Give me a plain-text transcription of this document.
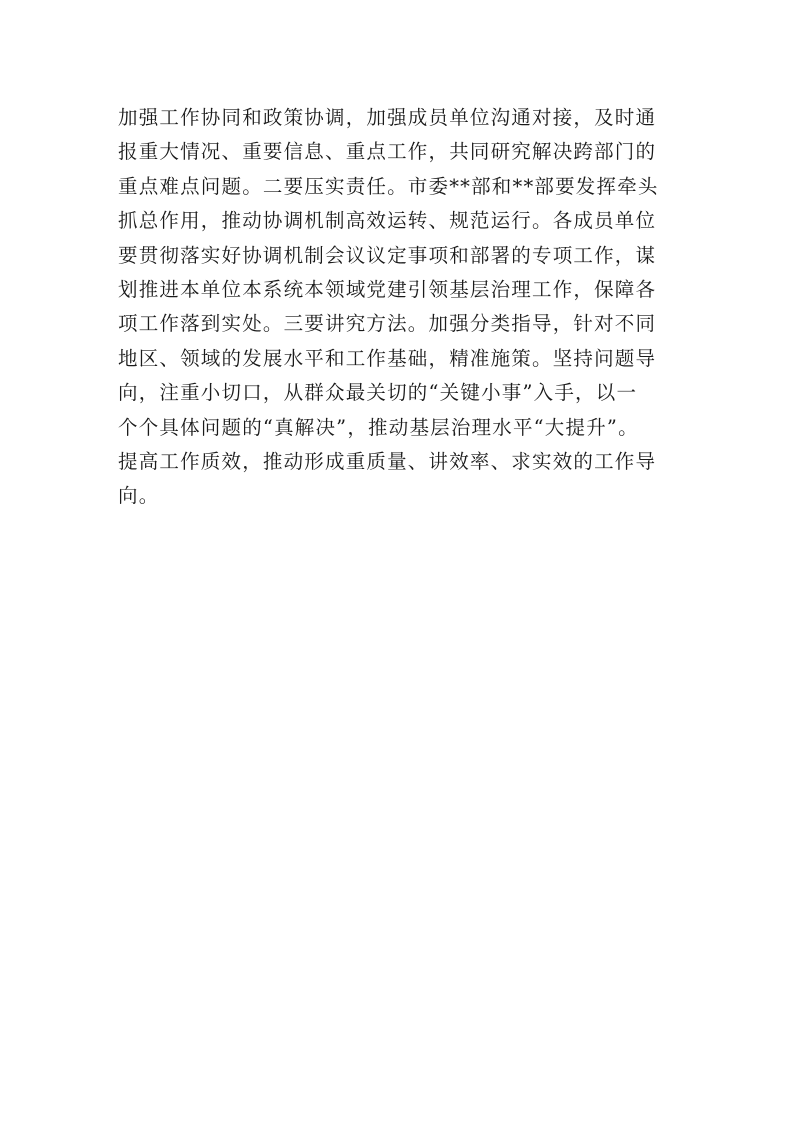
加强工作协同和政策协调，加强成员单位沟通对接，及时通
报重大情况、重要信息、重点工作，共同研究解决跨部门的
重点难点问题。二要压实责任。市委**部和**部要发挥牵头
抓总作用，推动协调机制高效运转、规范运行。各成员单位
要贯彻落实好协调机制会议议定事项和部署的专项工作，谋
划推进本单位本系统本领域党建引领基层治理工作，保障各
项工作落到实处。三要讲究方法。加强分类指导，针对不同
地区、领域的发展水平和工作基础，精准施策。坚持问题导
向，注重小切口，从群众最关切的“关键小事”入手，以一
个个具体问题的“真解决”，推动基层治理水平“大提升”。
提高工作质效，推动形成重质量、讲效率、求实效的工作导
向。
